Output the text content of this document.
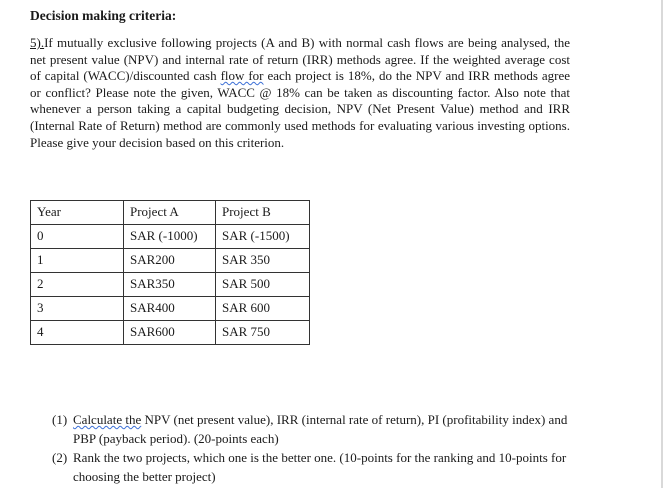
Decision making criteria:
5).If mutually exclusive following projects (A and B) with normal cash flows are being analysed, the net present value (NPV) and internal rate of return (IRR) methods agree. If the weighted average cost of capital (WACC)/discounted cash flow for each project is 18%, do the NPV and IRR methods agree or conflict? Please note the given, WACC @ 18% can be taken as discounting factor. Also note that whenever a person taking a capital budgeting decision, NPV (Net Present Value) method and IRR (Internal Rate of Return) method are commonly used methods for evaluating various investing options. Please give your decision based on this criterion.
Year	Project A	Project B
0	SAR (-1000)	SAR (-1500)
1	SAR200	SAR 350
2	SAR350	SAR 500
3	SAR400	SAR 600
4	SAR600	SAR 750
(1) Calculate the NPV (net present value), IRR (internal rate of return), PI (profitability index) and PBP (payback period). (20-points each)
(2) Rank the two projects, which one is the better one. (10-points for the ranking and 10-points for choosing the better project)
